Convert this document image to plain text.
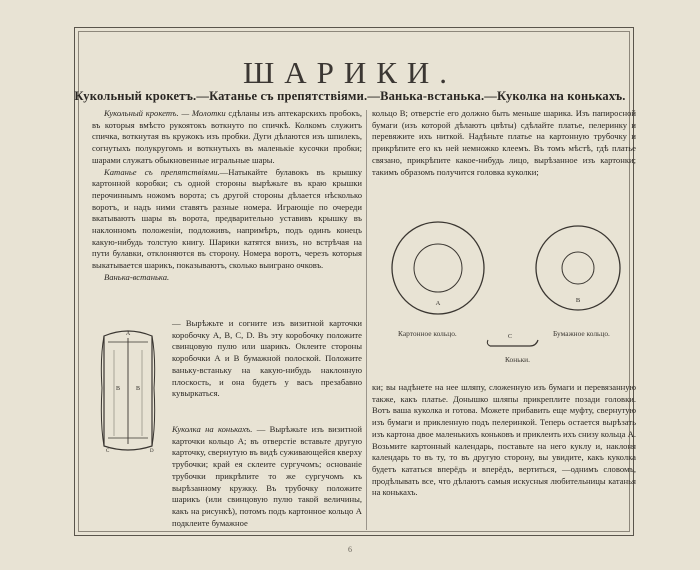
ШАРИКИ.
Кукольный крокетъ.—Катанье съ препятствіями.—Ванька-встанька.—Куколка на конькахъ.

Кукольный крокетъ. — Молотки сдѣланы изъ аптекарскихъ пробокъ, въ которыя вмѣсто рукоятокъ воткнуто по спичкѣ. Колкомъ служитъ спичка, воткнутая въ кружокъ изъ пробки. Дуги дѣлаются изъ шпилекъ, согнутыхъ полукругомъ и воткнутыхъ въ маленькіе кусочки пробки; шарами служатъ обыкновенные игральные шары.

Катанье съ препятствіями.—Натыкайте булавокъ въ крышку картонной коробки; съ одной стороны вырѣжьте въ краю крышки перочиннымъ ножомъ ворота; съ другой стороны дѣлается нѣсколько воротъ, и надъ ними ставятъ разные номера. Играющіе по очереди вкатываютъ шары въ ворота, предварительно уставивъ крышку въ наклонномъ положеніи, подложивъ, напримѣръ, подъ одинъ конецъ какую-нибудь толстую книгу. Шарики катятся внизъ, но встрѣчая на пути булавки, отклоняются въ сторону. Номера воротъ, черезъ которыя выкатывается шарикъ, показываютъ, сколько выиграно очковъ.

Ванька-встанька.

A
B	B
C	D
— Вырѣжьте и согните изъ визитной карточки коробочку А, В, С, D. Въ эту коробочку положите свинцовую пулю или шарикъ. Оклеите стороны коробочки А и В бумажной полоской. Положите ваньку-встаньку на какую-нибудь наклонную плоскость, и она будетъ у васъ презабавно кувыркаться.
Куколка на конькахъ. — Вырѣжьте изъ визитной карточки кольцо А; въ отверстіе вставьте другую карточку, свернутую въ видѣ суживающейся кверху трубочки; край ея склеите сургучомъ; основаніе трубочки прикрѣпите то же сургучомъ къ вырѣзанному кружку. Въ трубочку положите шарикъ (или свинцовую пулю такой величины, какъ на рисункѣ), потомъ подъ картонное кольцо А подклеите бумажное

кольцо В; отверстіе его должно быть меньше шарика. Изъ папиросной бумаги (изъ которой дѣлаютъ цвѣты) сдѣлайте платье, пелеринку и перевяжите ихъ ниткой. Надѣньте платье на картонную трубочку и прикрѣпите его къ ней немножко клеемъ. Въ томъ мѣстѣ, гдѣ платье связано, прикрѣпите какое-нибудь лицо, вырѣзанное изъ картонки; такимъ образомъ получится головка куколки;

A	B
C
Картонное кольцо.	Бумажное кольцо.
Коньки.

ки; вы надѣнете на нее шляпу, сложенную изъ бумаги и перевязанную также, какъ платье. Донышко шляпы прикреплите позади головки. Вотъ ваша куколка и готова. Можете прибавить еще муфту, свернутую изъ бумаги и прикленную подъ пелеринкой. Теперь остается вырѣзать изъ картона двое маленькихъ коньковъ и приклеить ихъ снизу кольца А. Возьмите картонный календарь, поставьте на него куклу и, наклоня календарь то въ ту, то въ другую сторону, вы увидите, какъ куколка будетъ кататься вперёдъ и вперёдъ, вертиться, —однимъ словомъ, продѣлывать все, что дѣлаютъ самыя искусныя любительницы катанья на конькахъ.

6
